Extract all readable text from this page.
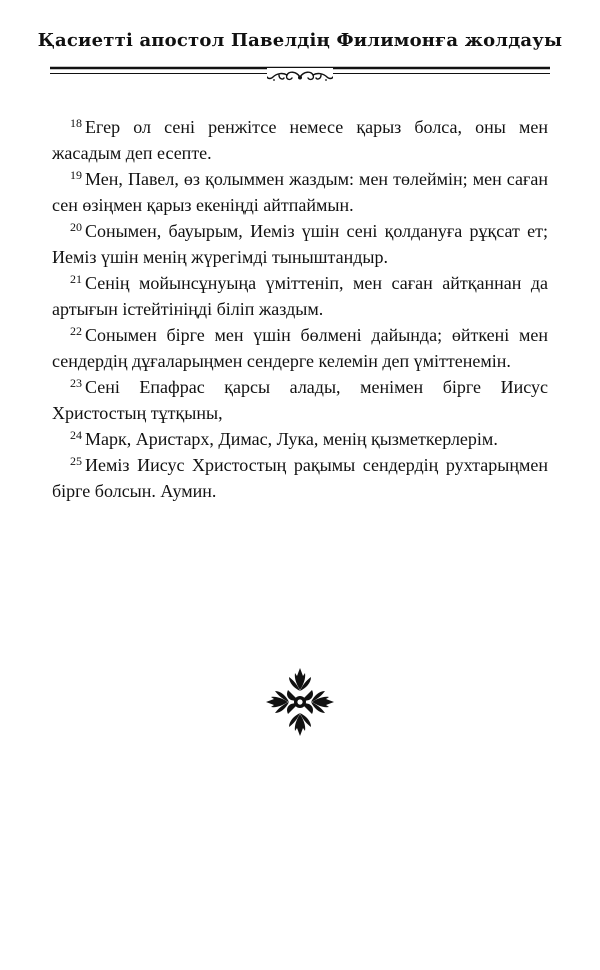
Қасиетті апостол Павелдің Филимонға жолдауы

$^{18}$ Егер ол сені ренжітсе немесе қарыз болса, оны мен жасадым деп есепте.

$^{19}$ Мен, Павел, өз қолыммен жаздым: мен төлеймін; мен саған сен өзіңмен қарыз екеніңді айтпаймын.

$^{20}$ Сонымен, бауырым, Иеміз үшін сені қолдануға рұқсат ет; Иеміз үшін менің жүрегімді тыныштандыр.

$^{21}$ Сенің мойынсұнуыңа үміттеніп, мен саған айтқаннан да артығын істейтініңді біліп жаздым.

$^{22}$ Сонымен бірге мен үшін бөлмені дайында; өйткені мен сендердің дұғаларыңмен сендерге келемін деп үміттенемін.

$^{23}$ Сені Епафрас қарсы алады, менімен бірге Иисус Христостың тұтқыны,

$^{24}$ Марк, Аристарх, Димас, Лука, менің қызметкерлерім.

$^{25}$ Иеміз Иисус Христостың рақымы сендердің рухтарыңмен бірге болсын. Аумин.
